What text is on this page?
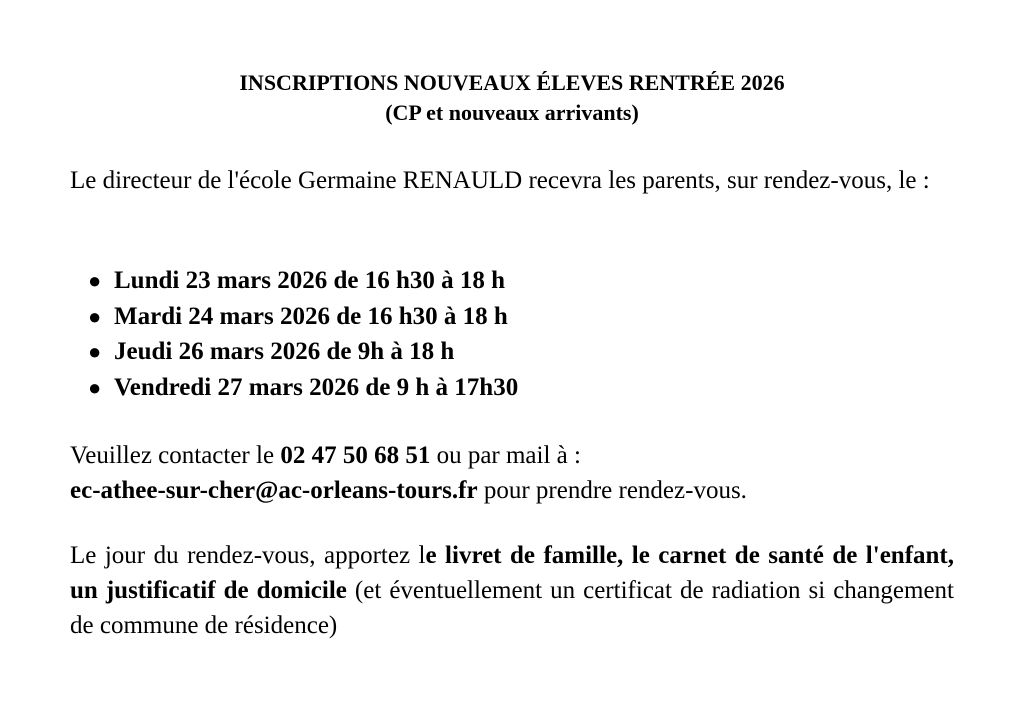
INSCRIPTIONS NOUVEAUX ÉLEVES RENTRÉE 2026
(CP et nouveaux arrivants)
Le directeur de l'école Germaine RENAULD recevra les parents, sur rendez-vous, le :
● Lundi 23 mars 2026 de 16 h30 à 18 h
● Mardi 24 mars 2026 de 16 h30 à 18 h
● Jeudi 26 mars 2026 de 9h à 18 h
● Vendredi 27 mars 2026 de 9 h à 17h30
Veuillez contacter le 02 47 50 68 51 ou par mail à :
ec-athee-sur-cher@ac-orleans-tours.fr pour prendre rendez-vous.
Le jour du rendez-vous, apportez le livret de famille, le carnet de santé de l'enfant, un justificatif de domicile (et éventuellement un certificat de radiation si changement de commune de résidence)
